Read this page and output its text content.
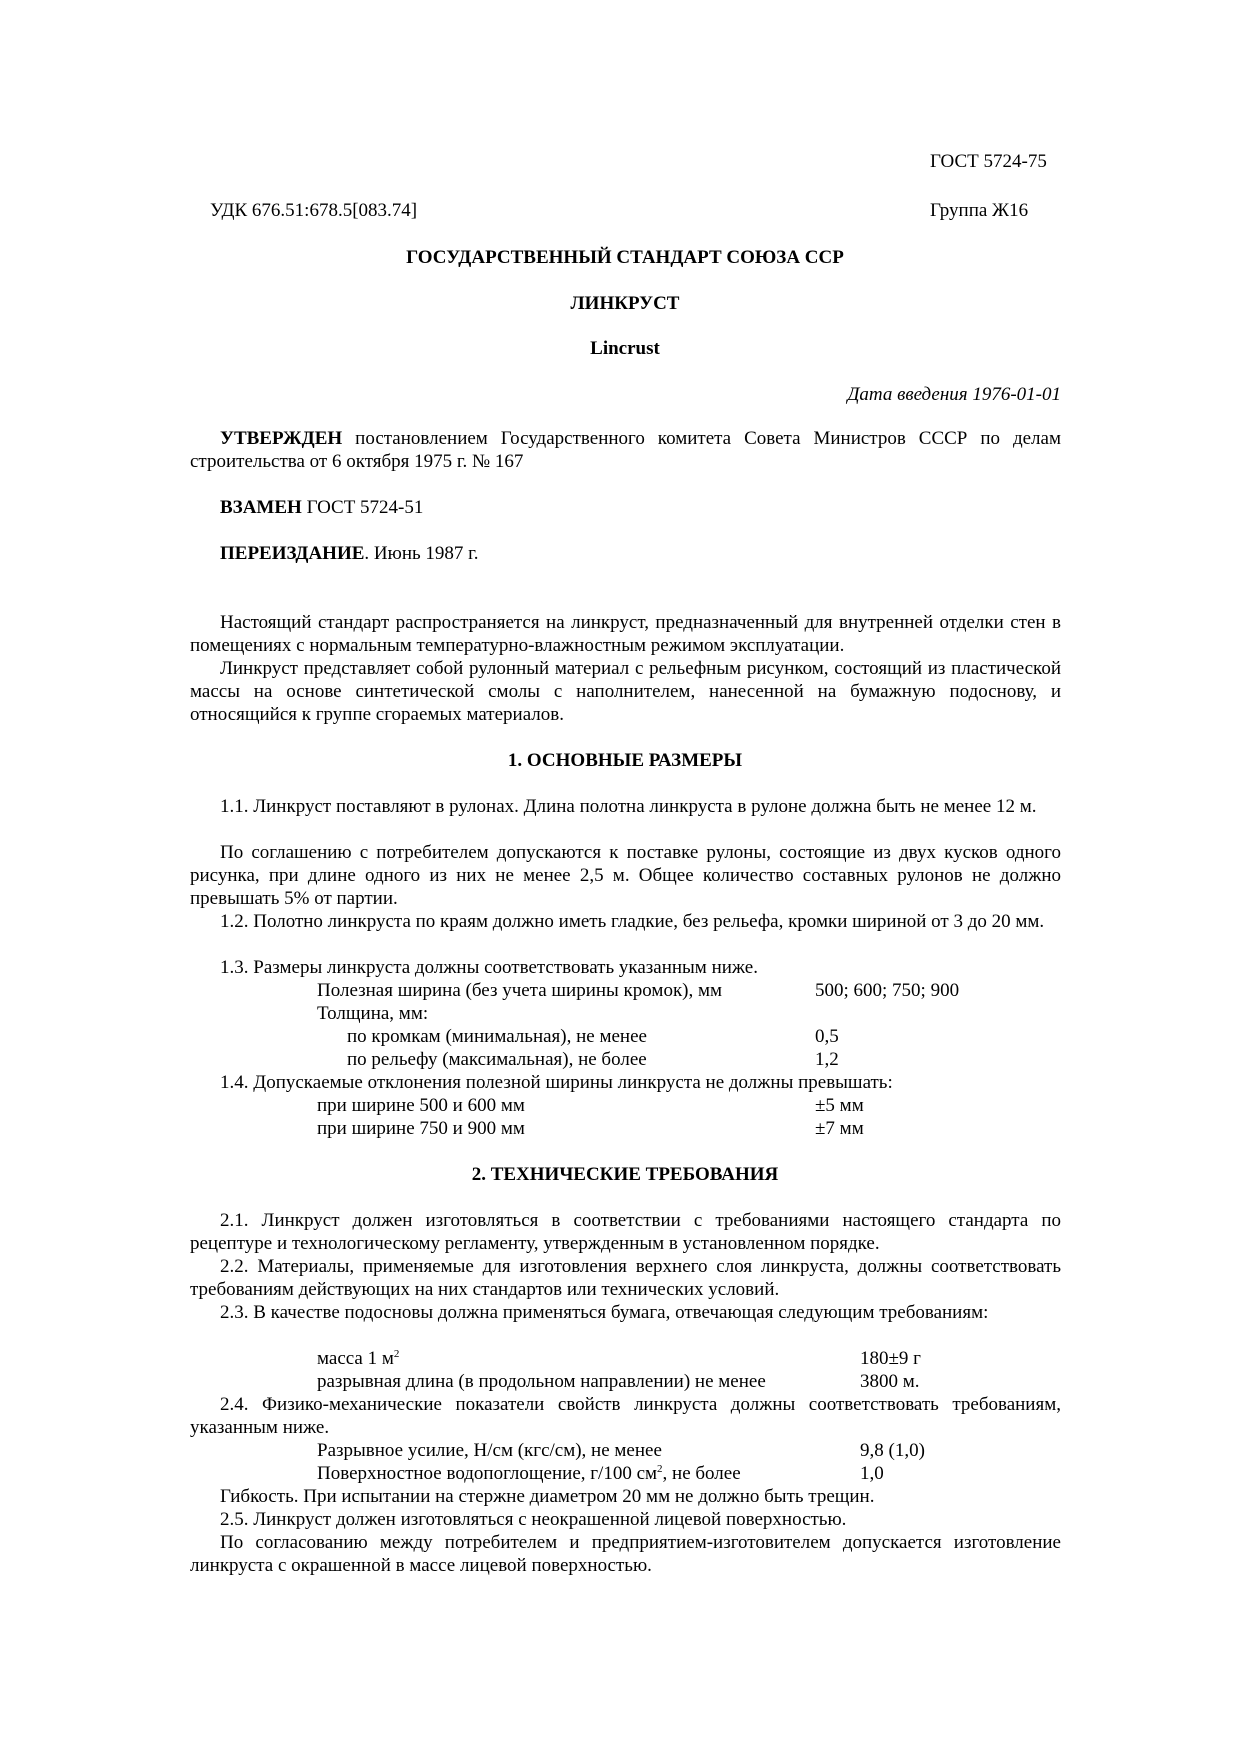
ГОСТ 5724-75
УДК 676.51:678.5[083.74]	Группа Ж16
ГОСУДАРСТВЕННЫЙ СТАНДАРТ СОЮЗА ССР
ЛИНКРУСТ
Lincrust
Дата введения 1976-01-01

УТВЕРЖДЕН постановлением Государственного комитета Совета Министров СССР по делам строительства от 6 октября 1975 г. № 167

ВЗАМЕН ГОСТ 5724-51

ПЕРЕИЗДАНИЕ. Июнь 1987 г.

Настоящий стандарт распространяется на линкруст, предназначенный для внутренней отделки стен в помещениях с нормальным температурно-влажностным режимом эксплуатации.

Линкруст представляет собой рулонный материал с рельефным рисунком, состоящий из пластической массы на основе синтетической смолы с наполнителем, нанесенной на бумажную подоснову, и относящийся к группе сгораемых материалов.

1. ОСНОВНЫЕ РАЗМЕРЫ

1.1. Линкруст поставляют в рулонах. Длина полотна линкруста в рулоне должна быть не менее 12 м.

По соглашению с потребителем допускаются к поставке рулоны, состоящие из двух кусков одного рисунка, при длине одного из них не менее 2,5 м. Общее количество составных рулонов не должно превышать 5% от партии.

1.2. Полотно линкруста по краям должно иметь гладкие, без рельефа, кромки шириной от 3 до 20 мм.

1.3. Размеры линкруста должны соответствовать указанным ниже.

Полезная ширина (без учета ширины кромок), мм	500; 600; 750; 900
Толщина, мм:
по кромкам (минимальная), не менее	0,5
по рельефу (максимальная), не более	1,2

1.4. Допускаемые отклонения полезной ширины линкруста не должны превышать:

при ширине 500 и 600 мм	±5 мм
при ширине 750 и 900 мм	±7 мм
2. ТЕХНИЧЕСКИЕ ТРЕБОВАНИЯ

2.1. Линкруст должен изготовляться в соответствии с требованиями настоящего стандарта по рецептуре и технологическому регламенту, утвержденным в установленном порядке.

2.2. Материалы, применяемые для изготовления верхнего слоя линкруста, должны соответствовать требованиям действующих на них стандартов или технических условий.

2.3. В качестве подосновы должна применяться бумага, отвечающая следующим требованиям:

масса 1 $м^2$	180±9 г
разрывная длина (в продольном направлении) не менее	3800 м.

2.4. Физико-механические показатели свойств линкруста должны соответствовать требованиям, указанным ниже.

Разрывное усилие, Н/см (кгс/см), не менее	9,8 (1,0)
Поверхностное водопоглощение, г/100 $см^2$, не более	1,0

Гибкость. При испытании на стержне диаметром 20 мм не должно быть трещин.

2.5. Линкруст должен изготовляться с неокрашенной лицевой поверхностью.

По согласованию между потребителем и предприятием-изготовителем допускается изготовление линкруста с окрашенной в массе лицевой поверхностью.
